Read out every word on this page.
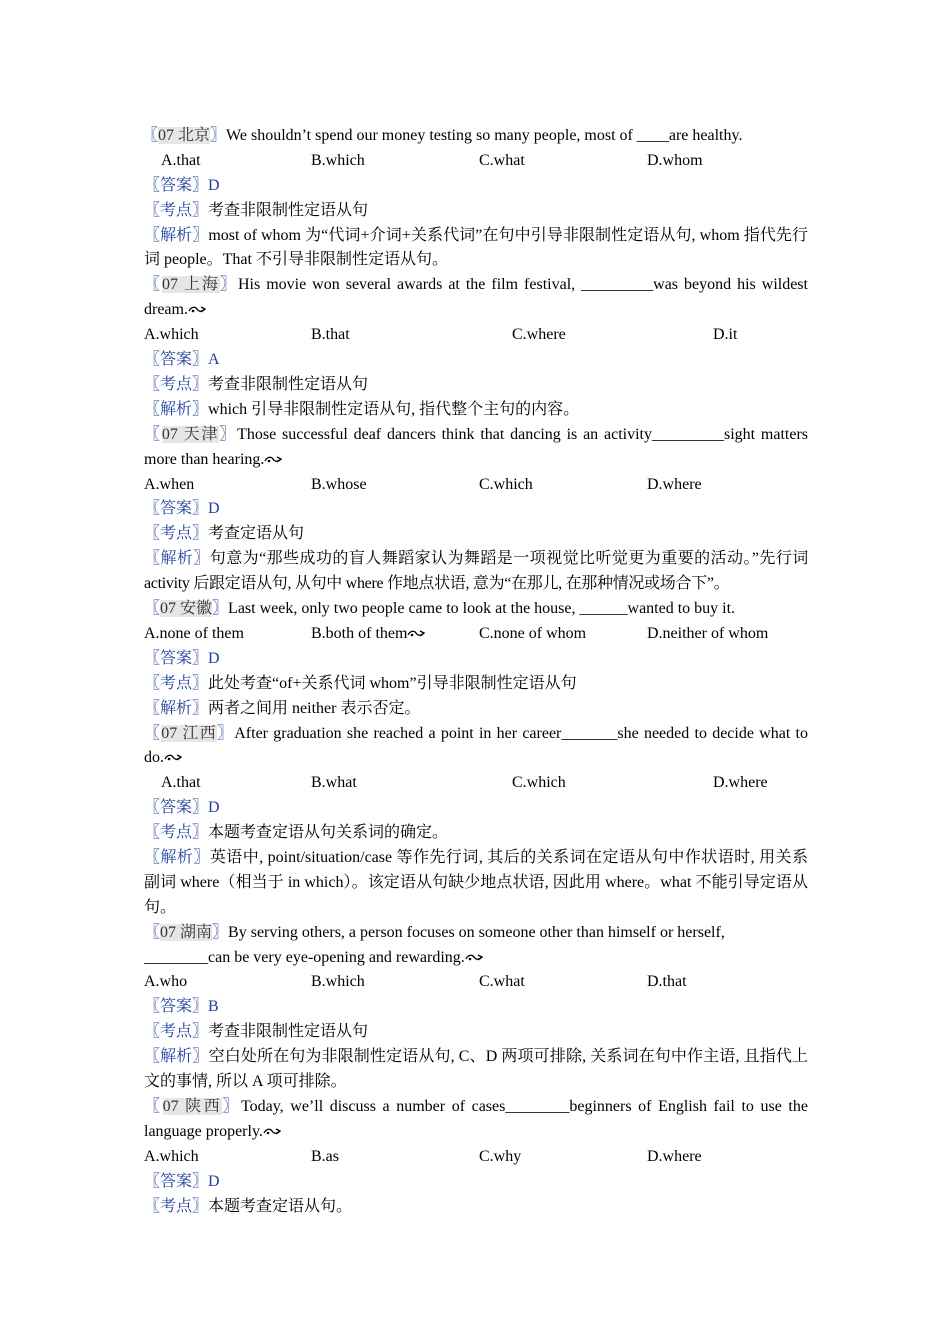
〖07 北京〗We shouldn’t spend our money testing so many people, most of ____are healthy.
A.that	B.which	C.what	D.whom
〖答案〗D
〖考点〗考查非限制性定语从句
〖解析〗most of whom 为“代词+介词+关系代词”在句中引导非限制性定语从句, whom 指代先行词 people。That 不引导非限制性定语从句。
〖07 上海〗His movie won several awards at the film festival, _________was beyond his wildest dream.
A.which	B.that	C.where	D.it
〖答案〗A
〖考点〗考查非限制性定语从句
〖解析〗which 引导非限制性定语从句, 指代整个主句的内容。
〖07 天津〗Those successful deaf dancers think that dancing is an activity_________sight matters more than hearing.
A.when	B.whose	C.which	D.where
〖答案〗D
〖考点〗考查定语从句
〖解析〗句意为“那些成功的盲人舞蹈家认为舞蹈是一项视觉比听觉更为重要的活动。”先行词 activity 后跟定语从句, 从句中 where 作地点状语, 意为“在那儿, 在那种情况或场合下”。
〖07 安徽〗Last week, only two people came to look at the house, ______wanted to buy it.
A.none of them	B.both of them	C.none of whom	D.neither of whom
〖答案〗D
〖考点〗此处考查“of+关系代词 whom”引导非限制性定语从句
〖解析〗两者之间用 neither 表示否定。
〖07 江西〗After graduation she reached a point in her career_______she needed to decide what to do.
A.that	B.what	C.which	D.where
〖答案〗D
〖考点〗本题考查定语从句关系词的确定。
〖解析〗英语中, point/situation/case 等作先行词, 其后的关系词在定语从句中作状语时, 用关系副词 where（相当于 in which）。该定语从句缺少地点状语, 因此用 where。what 不能引导定语从句。
〖07 湖南〗By serving others, a person focuses on someone other than himself or herself,
________can be very eye-opening and rewarding.
A.who	B.which	C.what	D.that
〖答案〗B
〖考点〗考查非限制性定语从句
〖解析〗空白处所在句为非限制性定语从句, C、D 两项可排除, 关系词在句中作主语, 且指代上文的事情, 所以 A 项可排除。
〖07 陕西〗Today, we’ll discuss a number of cases________beginners of English fail to use the language properly.
A.which	B.as	C.why	D.where
〖答案〗D
〖考点〗本题考查定语从句。
